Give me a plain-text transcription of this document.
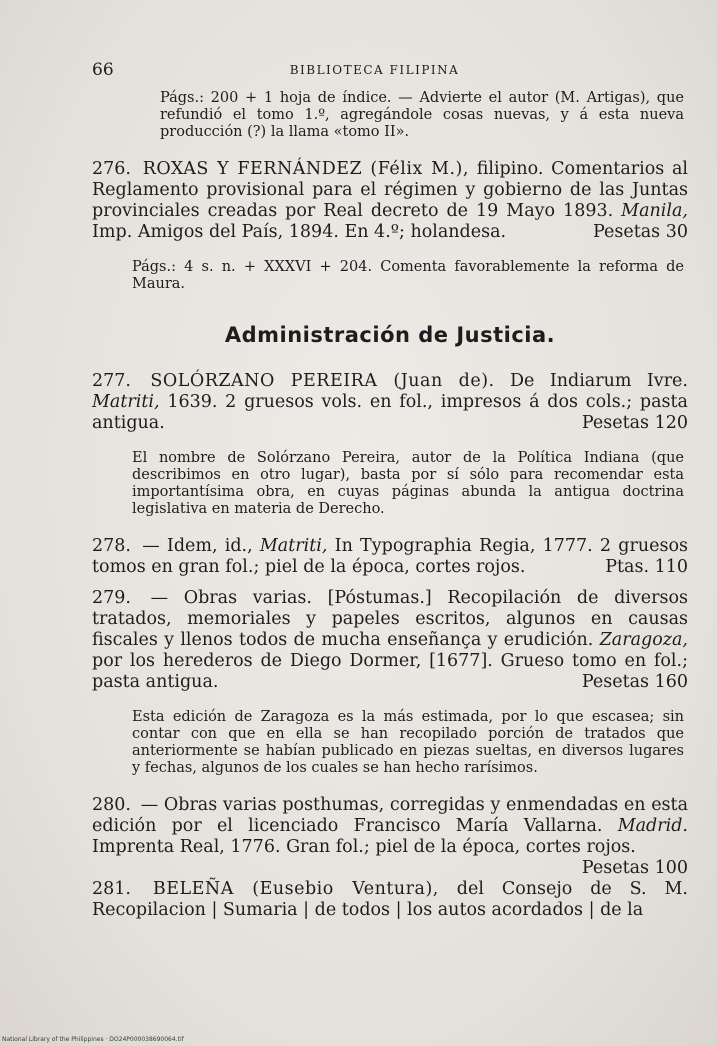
66	BIBLIOTECA FILIPINA

Págs.: 200 + 1 hoja de índice. — Advierte el autor (M. Artigas), que refundió el tomo 1.º, agregándole cosas nuevas, y á esta nueva producción (?) la llama «tomo II».

276. ROXAS Y FERNÁNDEZ (Félix M.), filipino. Comentarios al Reglamento provisional para el régimen y gobierno de las Juntas provinciales creadas por Real decreto de 19 Mayo 1893. Manila, Imp. Amigos del País, 1894. En 4.º; holandesa.	Pesetas 30

Págs.: 4 s. n. + XXXVI + 204. Comenta favorablemente la reforma de Maura.

Administración de Justicia.

277. SOLÓRZANO PEREIRA (Juan de). De Indiarum Ivre. Matriti, 1639. 2 gruesos vols. en fol., impresos á dos cols.; pasta antigua.	Pesetas 120

El nombre de Solórzano Pereira, autor de la Política Indiana (que describimos en otro lugar), basta por sí sólo para recomendar esta importantísima obra, en cuyas páginas abunda la antigua doctrina legislativa en materia de Derecho.

278. — Idem, id., Matriti, In Typographia Regia, 1777. 2 gruesos tomos en gran fol.; piel de la época, cortes rojos.	Ptas. 110

279. — Obras varias. [Póstumas.] Recopilación de diversos tratados, memoriales y papeles escritos, algunos en causas fiscales y llenos todos de mucha enseñança y erudición. Zaragoza, por los herederos de Diego Dormer, [1677]. Grueso tomo en fol.; pasta antigua.	Pesetas 160

Esta edición de Zaragoza es la más estimada, por lo que escasea; sin contar con que en ella se han recopilado porción de tratados que anteriormente se habían publicado en piezas sueltas, en diversos lugares y fechas, algunos de los cuales se han hecho rarísimos.

280. — Obras varias posthumas, corregidas y enmendadas en esta edición por el licenciado Francisco María Vallarna. Madrid. Imprenta Real, 1776. Gran fol.; piel de la época, cortes rojos.
Pesetas 100

281. BELEÑA (Eusebio Ventura), del Consejo de S. M. Recopilacion | Sumaria | de todos | los autos acordados | de la

National Library of the Philippines · DO24P000038690064.tif
